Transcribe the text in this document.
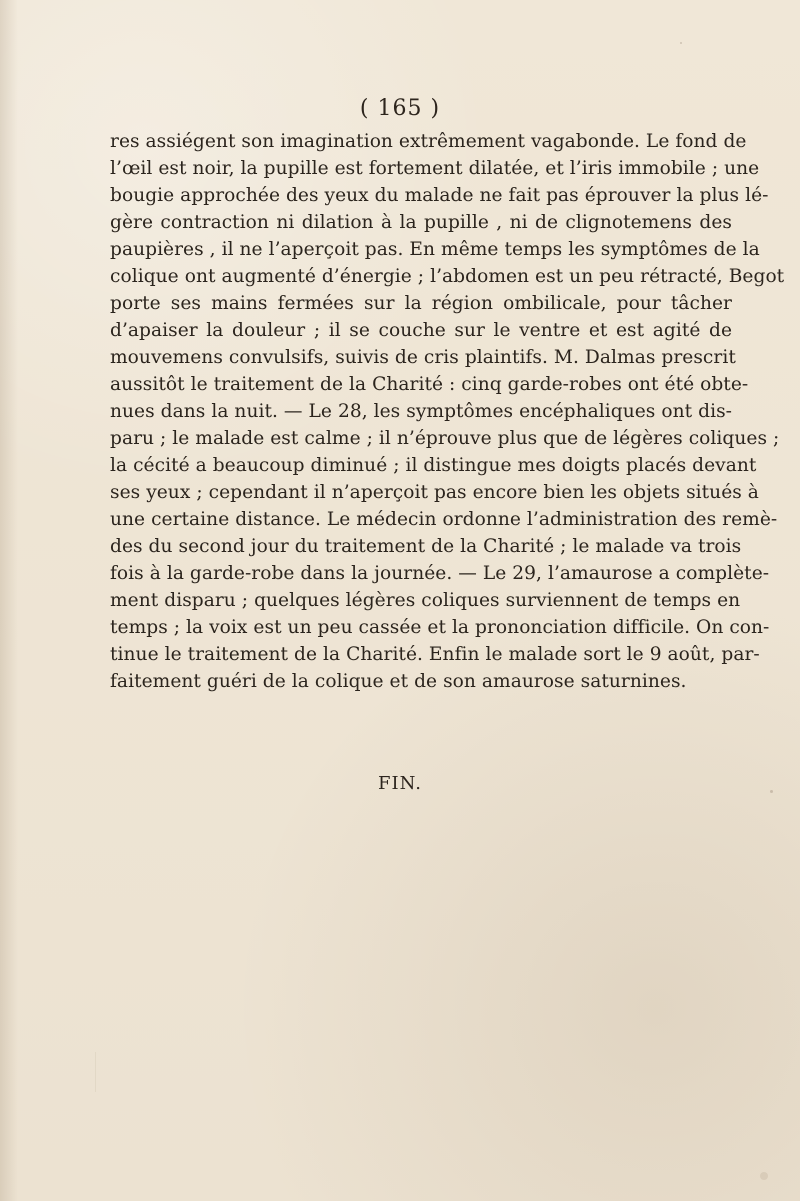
( 165 )
res assiégent son imagination extrêmement vagabonde. Le fond de
l’œil est noir, la pupille est fortement dilatée, et l’iris immobile ; une
bougie approchée des yeux du malade ne fait pas éprouver la plus lé-
gère contraction ni dilation à la pupille , ni de clignotemens des
paupières , il ne l’aperçoit pas. En même temps les symptômes de la
colique ont augmenté d’énergie ; l’abdomen est un peu rétracté, Begot
porte ses mains fermées sur la région ombilicale, pour tâcher
d’apaiser la douleur ; il se couche sur le ventre et est agité de
mouvemens convulsifs, suivis de cris plaintifs. M. Dalmas prescrit
aussitôt le traitement de la Charité : cinq garde-robes ont été obte-
nues dans la nuit. — Le 28, les symptômes encéphaliques ont dis-
paru ; le malade est calme ; il n’éprouve plus que de légères coliques ;
la cécité a beaucoup diminué ; il distingue mes doigts placés devant
ses yeux ; cependant il n’aperçoit pas encore bien les objets situés à
une certaine distance. Le médecin ordonne l’administration des remè-
des du second jour du traitement de la Charité ; le malade va trois
fois à la garde-robe dans la journée. — Le 29, l’amaurose a complète-
ment disparu ; quelques légères coliques surviennent de temps en
temps ; la voix est un peu cassée et la prononciation difficile. On con-
tinue le traitement de la Charité. Enfin le malade sort le 9 août, par-
faitement guéri de la colique et de son amaurose saturnines.
FIN.
